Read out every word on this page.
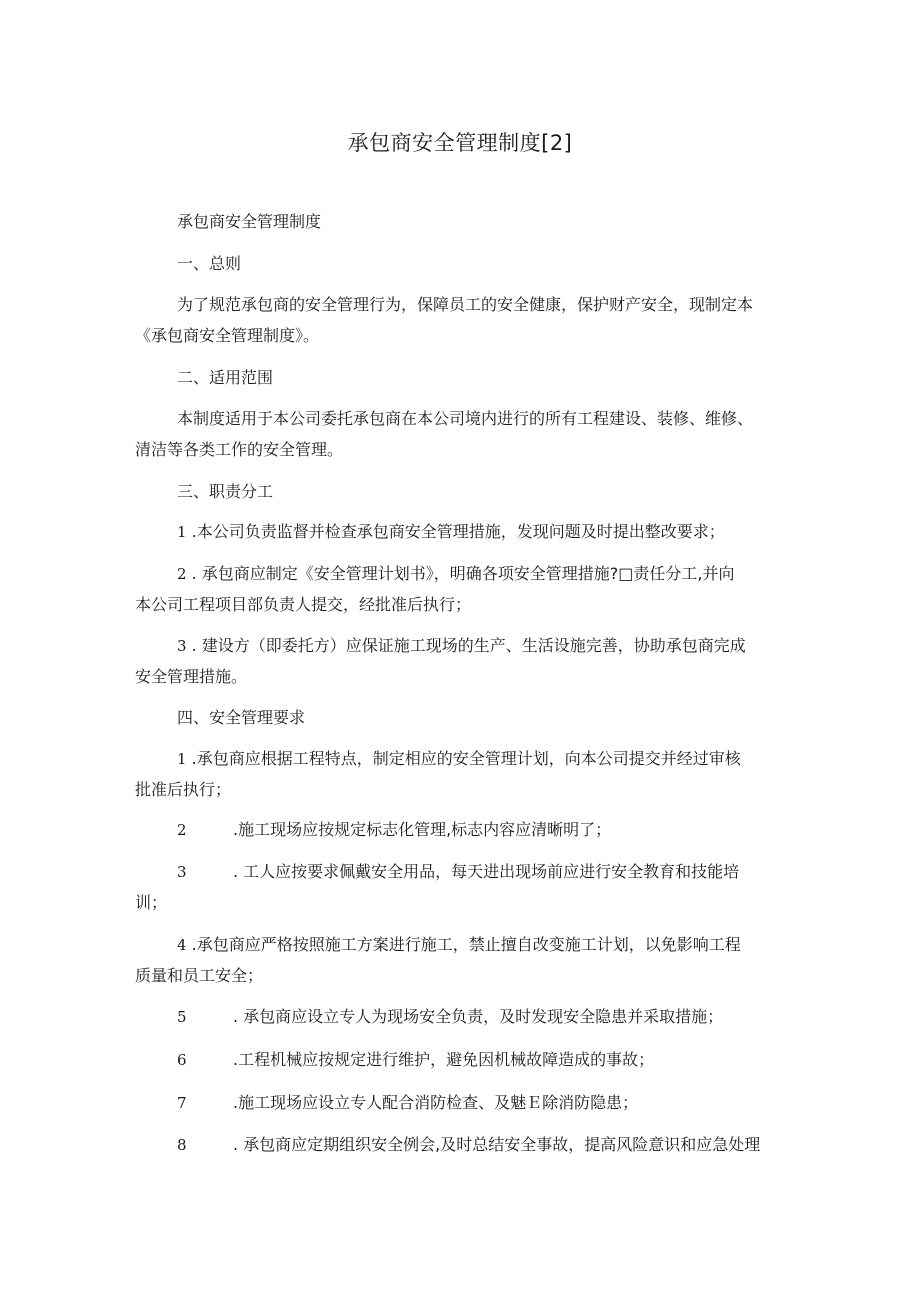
承包商安全管理制度[2]
承包商安全管理制度
一、总则
为了规范承包商的安全管理行为，保障员工的安全健康，保护财产安全，现制定本
《承包商安全管理制度》。
二、适用范围
本制度适用于本公司委托承包商在本公司境内进行的所有工程建设、装修、维修、
清洁等各类工作的安全管理。
三、职责分工
1 .本公司负责监督并检查承包商安全管理措施，发现问题及时提出整改要求；
2 . 承包商应制定《安全管理计划书》，明确各项安全管理措施?□责任分工,并向
本公司工程项目部负责人提交，经批准后执行；
3 . 建设方（即委托方）应保证施工现场的生产、生活设施完善，协助承包商完成
安全管理措施。
四、安全管理要求
1 .承包商应根据工程特点，制定相应的安全管理计划，向本公司提交并经过审核
批准后执行；
2	.施工现场应按规定标志化管理,标志内容应清晰明了；
3	. 工人应按要求佩戴安全用品，每天进出现场前应进行安全教育和技能培
训；
4 .承包商应严格按照施工方案进行施工，禁止擅自改变施工计划，以免影响工程
质量和员工安全；
5	. 承包商应设立专人为现场安全负责，及时发现安全隐患并采取措施；
6	.工程机械应按规定进行维护，避免因机械故障造成的事故；
7	.施工现场应设立专人配合消防检查、及魅Ｅ除消防隐患；
8	. 承包商应定期组织安全例会,及时总结安全事故，提高风险意识和应急处理
